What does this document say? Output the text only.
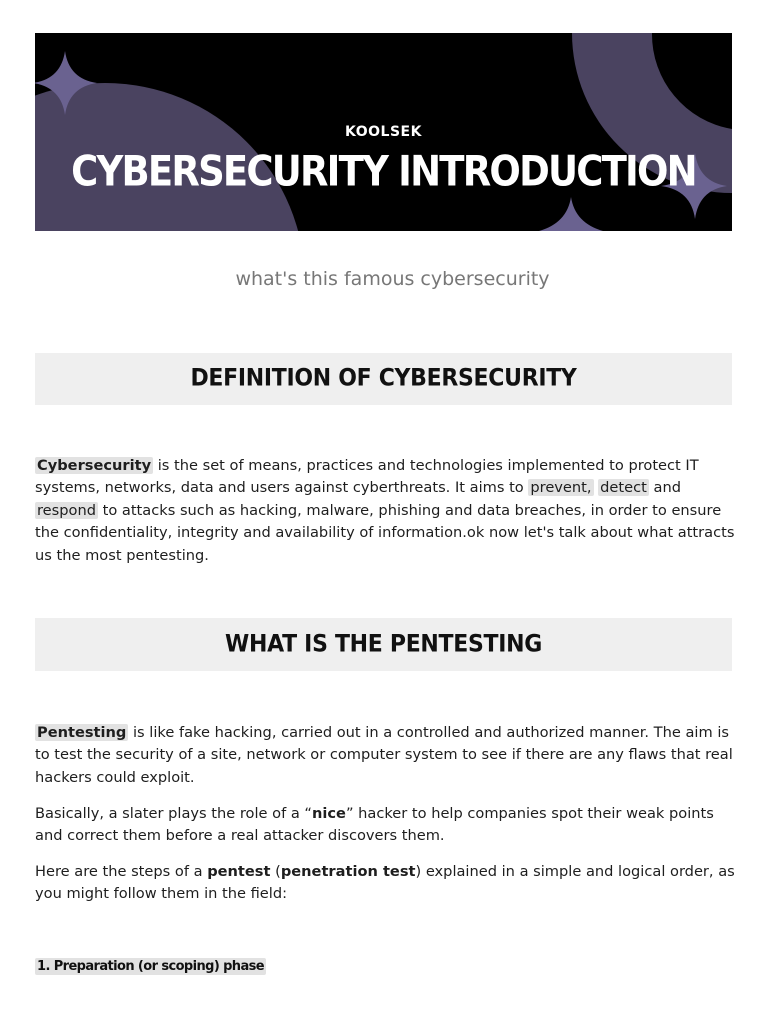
KOOLSEK
CYBERSECURITY INTRODUCTION
what's this famous cybersecurity
DEFINITION OF CYBERSECURITY

Cybersecurity is the set of means, practices and technologies implemented to protect IT systems, networks, data and users against cyberthreats. It aims to prevent, detect and respond to attacks such as hacking, malware, phishing and data breaches, in order to ensure the confidentiality, integrity and availability of information.ok now let's talk about what attracts us the most pentesting.

WHAT IS THE PENTESTING

Pentesting is like fake hacking, carried out in a controlled and authorized manner. The aim is to test the security of a site, network or computer system to see if there are any flaws that real hackers could exploit.

Basically, a slater plays the role of a “nice” hacker to help companies spot their weak points and correct them before a real attacker discovers them.

Here are the steps of a pentest (penetration test) explained in a simple and logical order, as you might follow them in the field:

1. Preparation (or scoping) phase
